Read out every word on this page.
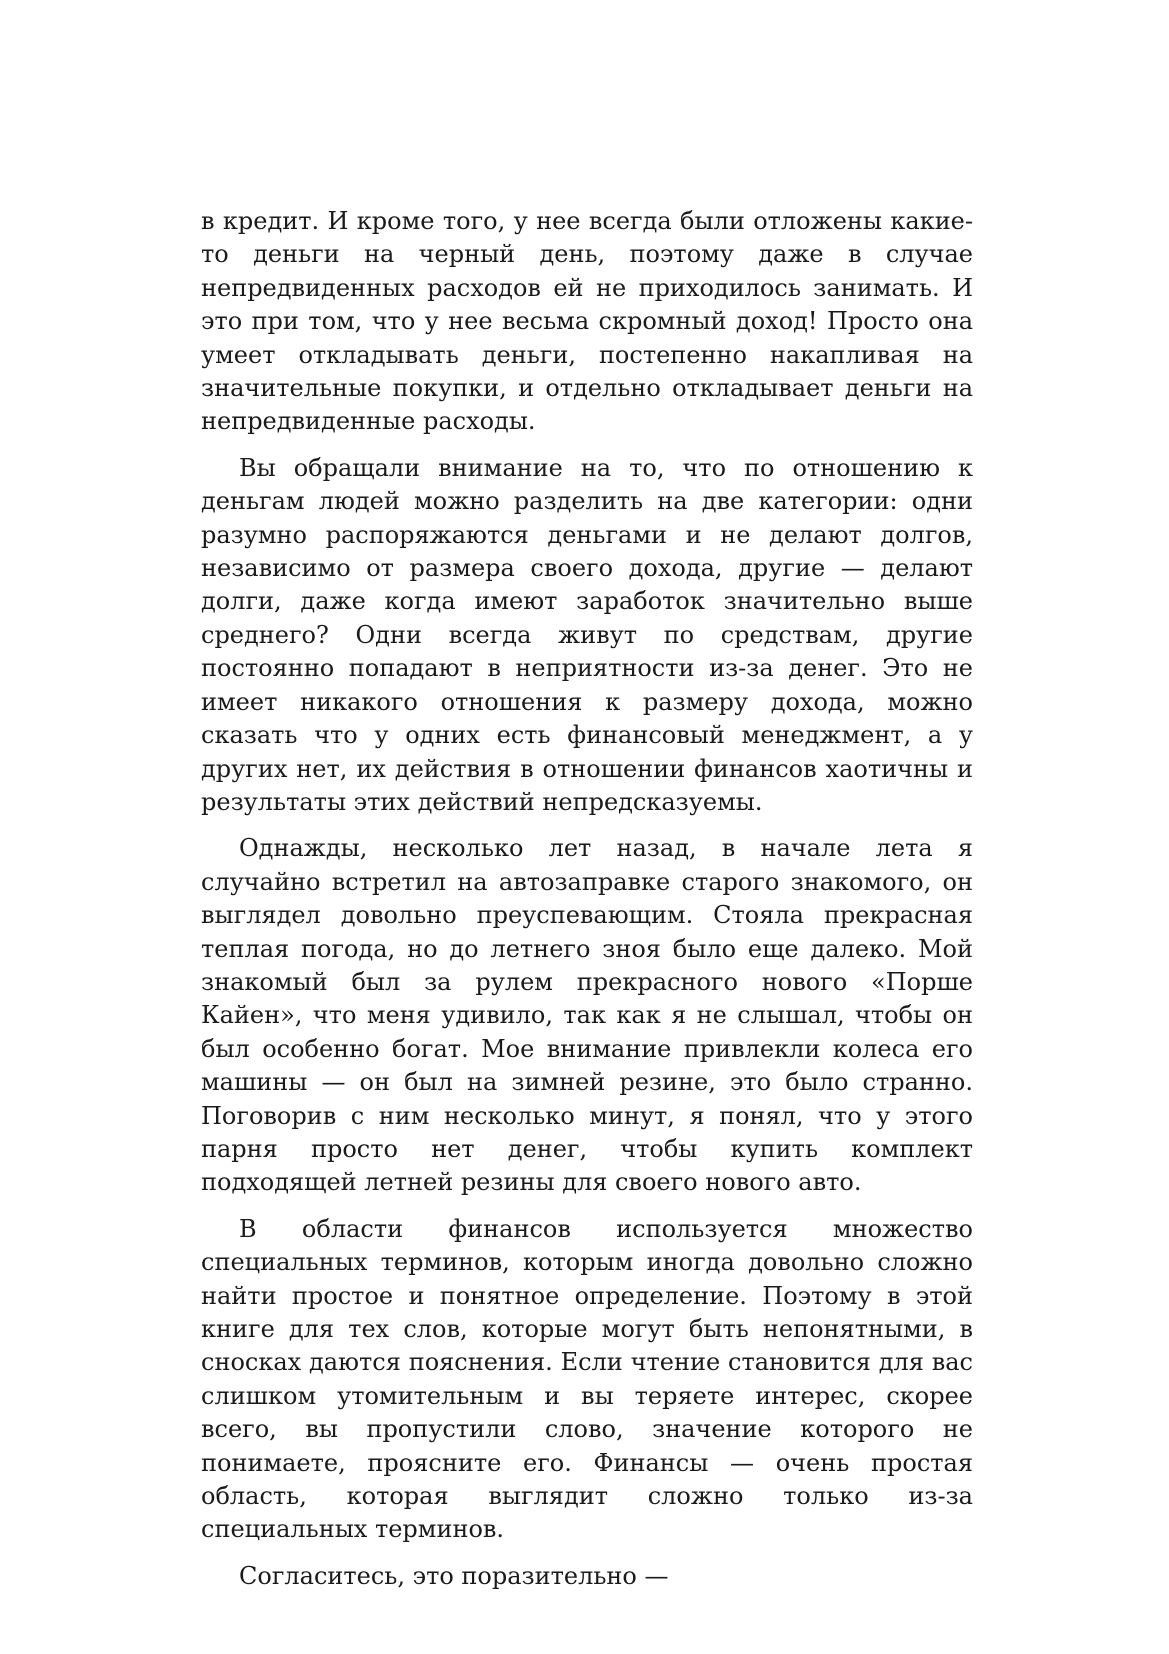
в кредит. И кроме того, у нее всегда были отложены какие-то деньги на черный день, поэтому даже в случае непредвиденных расходов ей не приходилось занимать. И это при том, что у нее весьма скромный доход! Просто она умеет откладывать деньги, постепенно накапливая на значительные покупки, и отдельно откладывает деньги на непредвиденные расходы.

Вы обращали внимание на то, что по отношению к деньгам людей можно разделить на две категории: одни разумно распоряжаются деньгами и не делают долгов, независимо от размера своего дохода, другие — делают долги, даже когда имеют заработок значительно выше среднего? Одни всегда живут по средствам, другие постоянно попадают в неприятности из-за денег. Это не имеет никакого отношения к размеру дохода, можно сказать что у одних есть финансовый менеджмент, а у других нет, их действия в отношении финансов хаотичны и результаты этих действий непредсказуемы.

Однажды, несколько лет назад, в начале лета я случайно встретил на автозаправке старого знакомого, он выглядел довольно преуспевающим. Стояла прекрасная теплая погода, но до летнего зноя было еще далеко. Мой знакомый был за рулем прекрасного нового «Порше Кайен», что меня удивило, так как я не слышал, чтобы он был особенно богат. Мое внимание привлекли колеса его машины — он был на зимней резине, это было странно. Поговорив с ним несколько минут, я понял, что у этого парня просто нет денег, чтобы купить комплект подходящей летней резины для своего нового авто.

В области финансов используется множество специальных терминов, которым иногда довольно сложно найти простое и понятное определение. Поэтому в этой книге для тех слов, которые могут быть непонятными, в сносках даются пояснения. Если чтение становится для вас слишком утомительным и вы теряете интерес, скорее всего, вы пропустили слово, значение которого не понимаете, проясните его. Финансы — очень простая область, которая выглядит сложно только из-за специальных терминов.

Согласитесь, это поразительно —
